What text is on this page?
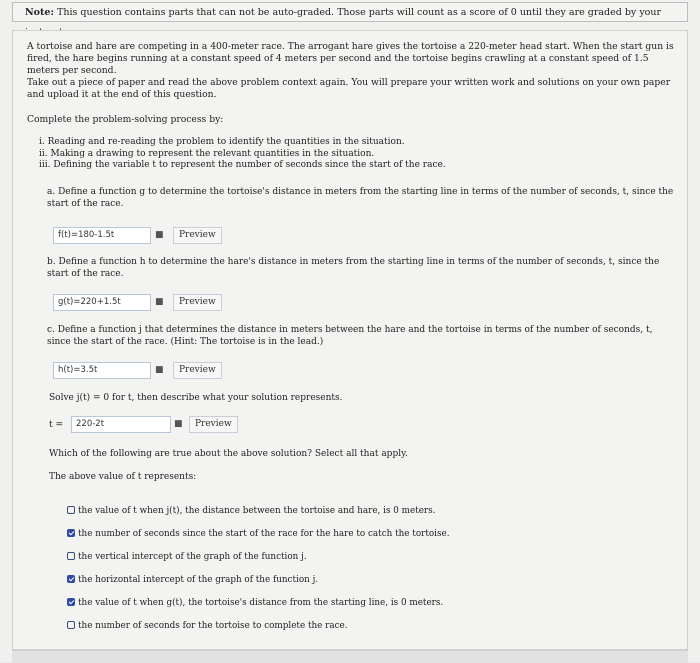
Note: This question contains parts that can not be auto-graded. Those parts will count as a score of 0 until they are graded by your
A tortoise and hare are competing in a 400-meter race. The arrogant hare gives the tortoise a 220-meter head start. When the start gun is fired, the hare begins running at a constant speed of 4 meters per second and the tortoise begins crawling at a constant speed of 1.5 meters per second.
Take out a piece of paper and read the above problem context again. You will prepare your written work and solutions on your own paper and upload it at the end of this question.
Complete the problem-solving process by:
i. Reading and re-reading the problem to identify the quantities in the situation.
ii. Making a drawing to represent the relevant quantities in the situation.
iii. Defining the variable t to represent the number of seconds since the start of the race.
a. Define a function g to determine the tortoise's distance in meters from the starting line in terms of the number of seconds, t, since the start of the race.
f(t)=180-1.5t	■	Preview
b. Define a function h to determine the hare's distance in meters from the starting line in terms of the number of seconds, t, since the start of the race.
g(t)=220+1.5t	■	Preview
c. Define a function j that determines the distance in meters between the hare and the tortoise in terms of the number of seconds, t, since the start of the race. (Hint: The tortoise is in the lead.)
h(t)=3.5t	■	Preview
Solve j(t) = 0 for t, then describe what your solution represents.
t =	220-2t	■	Preview
Which of the following are true about the above solution? Select all that apply.
The above value of t represents:
the value of t when j(t), the distance between the tortoise and hare, is 0 meters.
the number of seconds since the start of the race for the hare to catch the tortoise.
the vertical intercept of the graph of the function j.
the horizontal intercept of the graph of the function j.
the value of t when g(t), the tortoise's distance from the starting line, is 0 meters.
the number of seconds for the tortoise to complete the race.
